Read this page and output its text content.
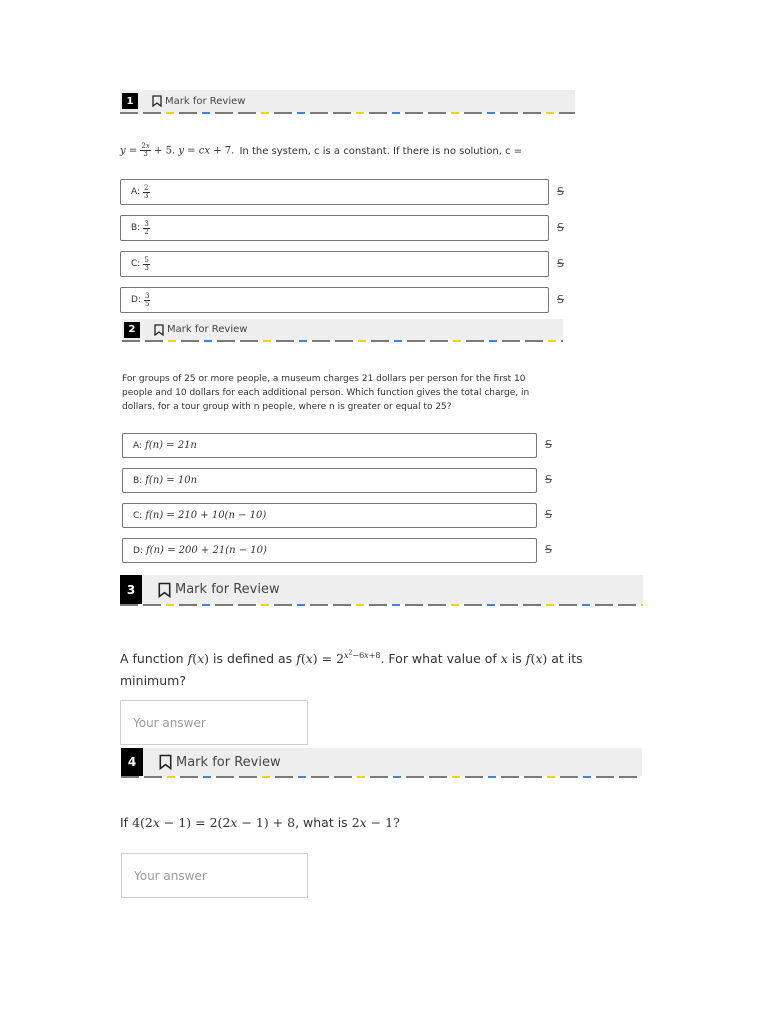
1	Mark for Review
$y = \frac{2x}{3} + 5$. y = cx + 7. In the system, c is a constant. If there is no solution, c =
A: $\frac{2}{3}$	S
B: $\frac{3}{2}$	S
C: $\frac{5}{3}$	S
D: $\frac{3}{5}$	S
2	Mark for Review
For groups of 25 or more people, a museum charges 21 dollars per person for the first 10 people and 10 dollars for each additional person. Which function gives the total charge, in dollars, for a tour group with n people, where n is greater or equal to 25?
A: f(n) = 21n	S
B: f(n) = 10n	S
C: f(n) = 210 + 10(n − 10)	S
D: f(n) = 200 + 21(n − 10)	S
3	Mark for Review
A function f(x) is defined as $f(x) = 2^{x^2-6x+8}$. For what value of x is f(x) at its minimum?
Your answer
4	Mark for Review
If 4(2x − 1) = 2(2x − 1) + 8, what is 2x − 1?
Your answer
